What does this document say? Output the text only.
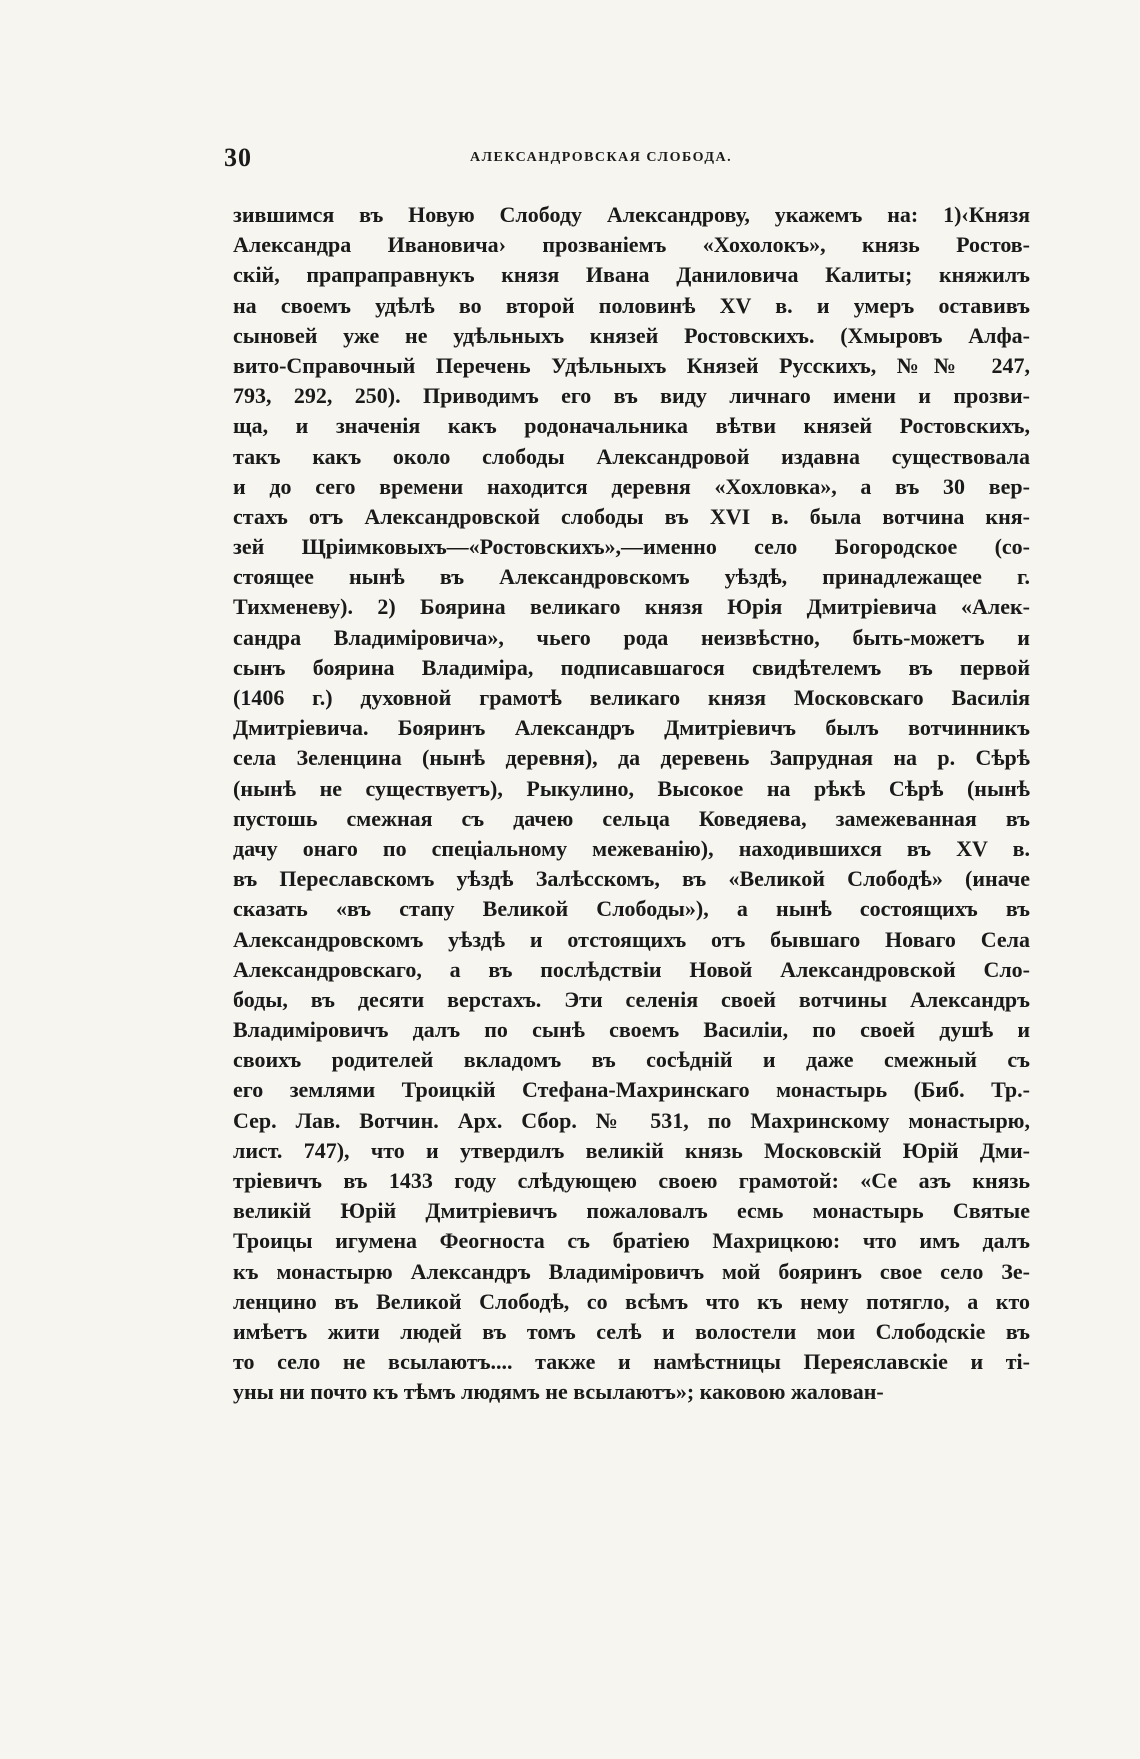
30	АЛЕКСАНДРОВСКАЯ СЛОБОДА.
зившимся въ Новую Слободу Александрову, укажемъ на: 1)‹Князя
Александра Ивановича› прозваніемъ «Хохолокъ», князь Ростов-
скій, прапраправнукъ князя Ивана Даниловича Калиты; княжилъ
на своемъ удѣлѣ во второй половинѣ XV в. и умеръ оставивъ
сыновей уже не удѣльныхъ князей Ростовскихъ. (Хмыровъ Алфа-
вито-Справочный Перечень Удѣльныхъ Князей Русскихъ, №№ 247,
793, 292, 250). Приводимъ его въ виду личнаго имени и прозви-
ща, и значенія какъ родоначальника вѣтви князей Ростовскихъ,
такъ какъ около слободы Александровой издавна существовала
и до сего времени находится деревня «Хохловка», а въ 30 вер-
стахъ отъ Александровской слободы въ XVI в. была вотчина кня-
зей Щріимковыхъ—«Ростовскихъ»,—именно село Богородское (со-
стоящее нынѣ въ Александровскомъ уѣздѣ, принадлежащее г.
Тихменеву). 2) Боярина великаго князя Юрія Дмитріевича «Алек-
сандра Владиміровича», чьего рода неизвѣстно, быть-можетъ и
сынъ боярина Владиміра, подписавшагося свидѣтелемъ въ первой
(1406 г.) духовной грамотѣ великаго князя Московскаго Василія
Дмитріевича. Бояринъ Александръ Дмитріевичъ былъ вотчинникъ
села Зеленцина (нынѣ деревня), да деревень Запрудная на р. Сѣрѣ
(нынѣ не существуетъ), Рыкулино, Высокое на рѣкѣ Сѣрѣ (нынѣ
пустошь смежная съ дачею сельца Коведяева, замежеванная въ
дачу онаго по спеціальному межеванію), находившихся въ XV в.
въ Переславскомъ уѣздѣ Залѣсскомъ, въ «Великой Слободѣ» (иначе
сказать «въ стапу Великой Слободы»), а нынѣ состоящихъ въ
Александровскомъ уѣздѣ и отстоящихъ отъ бывшаго Новаго Села
Александровскаго, а въ послѣдствіи Новой Александровской Сло-
боды, въ десяти верстахъ. Эти селенія своей вотчины Александръ
Владиміровичъ далъ по сынѣ своемъ Василіи, по своей душѣ и
своихъ родителей вкладомъ въ сосѣдній и даже смежный съ
его землями Троицкій Стефана-Махринскаго монастырь (Биб. Тр.-
Сер. Лав. Вотчин. Арх. Сбор. № 531, по Махринскому монастырю,
лист. 747), что и утвердилъ великій князь Московскій Юрій Дми-
тріевичъ въ 1433 году слѣдующею своею грамотой: «Се азъ князь
великій Юрій Дмитріевичъ пожаловалъ есмь монастырь Святые
Троицы игумена Феогноста съ братіею Махрицкою: что имъ далъ
къ монастырю Александръ Владиміровичъ мой бояринъ свое село Зе-
ленцино въ Великой Слободѣ, со всѣмъ что къ нему потягло, а кто
имѣетъ жити людей въ томъ селѣ и волостели мои Слободскіе въ
то село не всылаютъ.... также и намѣстницы Переяславскіе и ті-
уны ни почто къ тѣмъ людямъ не всылаютъ»; каковою жалован-
